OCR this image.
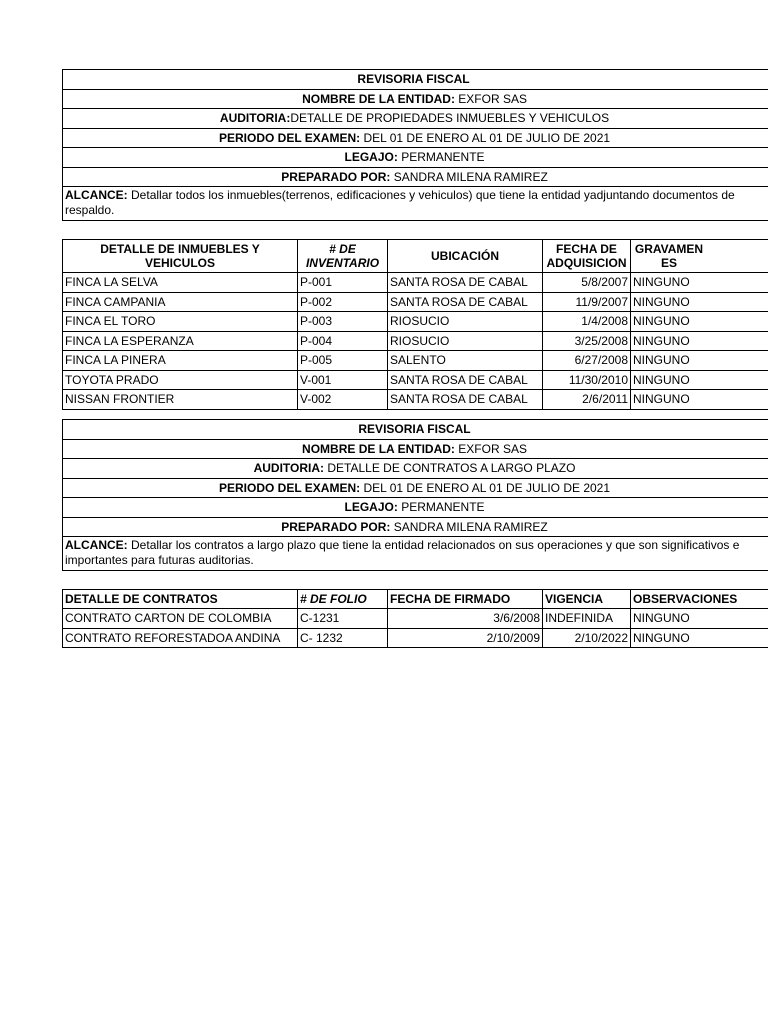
REVISORIA FISCAL				
NOMBRE DE LA ENTIDAD: EXFOR SAS				
AUDITORIA:DETALLE DE PROPIEDADES INMUEBLES Y VEHICULOS				
PERIODO DEL EXAMEN: DEL 01 DE ENERO AL 01 DE JULIO DE 2021				
LEGAJO: PERMANENTE				
PREPARADO POR: SANDRA MILENA RAMIREZ				
ALCANCE: Detallar todos los inmuebles(terrenos, edificaciones y vehiculos) que tiene la entidad yadjuntando documentos de respaldo.				

DETALLE DE INMUEBLES Y VEHICULOS	# DE INVENTARIO	UBICACIÓN	FECHA DE ADQUISICION	GRAVAMENES

FINCA LA SELVA	P-001	SANTA ROSA DE CABAL	5/8/2007	NINGUNO
FINCA CAMPANIA	P-002	SANTA ROSA DE CABAL	11/9/2007	NINGUNO
FINCA EL TORO	P-003	RIOSUCIO	1/4/2008	NINGUNO
FINCA LA ESPERANZA	P-004	RIOSUCIO	3/25/2008	NINGUNO
FINCA LA PINERA	P-005	SALENTO	6/27/2008	NINGUNO
TOYOTA PRADO	V-001	SANTA ROSA DE CABAL	11/30/2010	NINGUNO
NISSAN FRONTIER	V-002	SANTA ROSA DE CABAL	2/6/2011	NINGUNO
REVISORIA FISCAL				
NOMBRE DE LA ENTIDAD: EXFOR SAS				
AUDITORIA: DETALLE DE CONTRATOS A LARGO PLAZO				
PERIODO DEL EXAMEN: DEL 01 DE ENERO AL 01 DE JULIO DE 2021				
LEGAJO: PERMANENTE				
PREPARADO POR: SANDRA MILENA RAMIREZ				
ALCANCE: Detallar los contratos a largo plazo que tiene la entidad relacionados on sus operaciones y que son significativos e importantes para futuras auditorias.				

DETALLE DE CONTRATOS	# DE FOLIO	FECHA DE FIRMADO	VIGENCIA	OBSERVACIONES
CONTRATO CARTON DE COLOMBIA	C-1231	3/6/2008	INDEFINIDA	NINGUNO
CONTRATO REFORESTADOA ANDINA	C- 1232	2/10/2009	2/10/2022	NINGUNO
